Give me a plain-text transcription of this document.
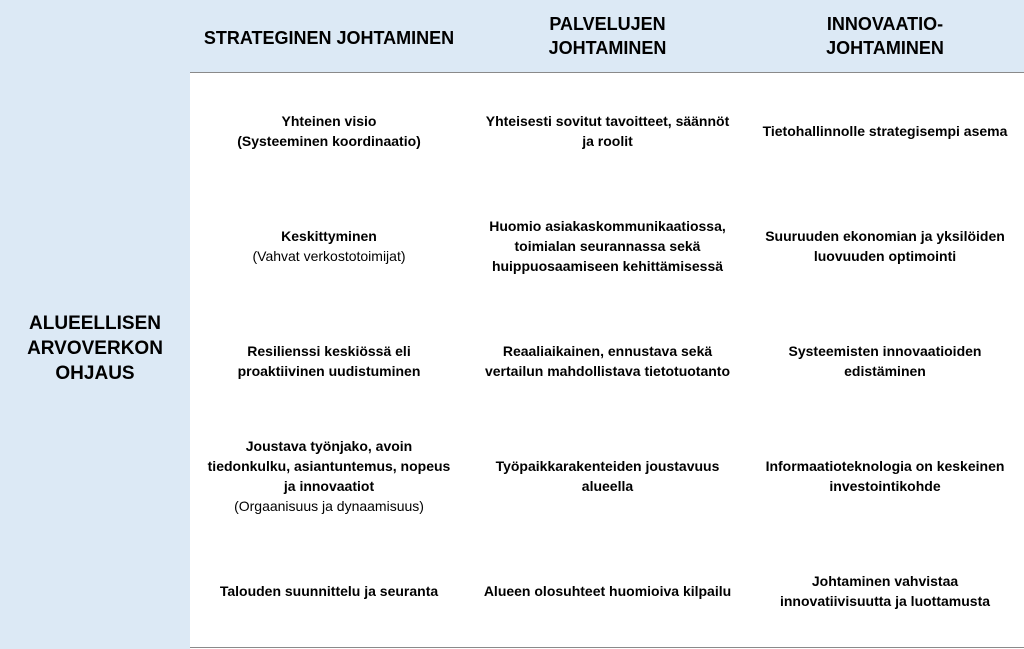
ALUEELLISEN
ARVOVERKON
OHJAUS
STRATEGINEN JOHTAMINEN
PALVELUJEN
JOHTAMINEN
INNOVAATIO-
JOHTAMINEN
Yhteinen visio
(Systeeminen koordinaatio)
Yhteisesti sovitut tavoitteet, säännöt
ja roolit
Tietohallinnolle strategisempi asema
Keskittyminen
(Vahvat verkostotoimijat)
Huomio asiakaskommunikaatiossa,
toimialan seurannassa sekä
huippuosaamiseen kehittämisessä
Suuruuden ekonomian ja yksilöiden
luovuuden optimointi
Resilienssi keskiössä eli
proaktiivinen uudistuminen
Reaaliaikainen, ennustava sekä
vertailun mahdollistava tietotuotanto
Systeemisten innovaatioiden
edistäminen
Joustava työnjako, avoin
tiedonkulku, asiantuntemus, nopeus
ja innovaatiot
(Orgaanisuus ja dynaamisuus)
Työpaikkarakenteiden joustavuus
alueella
Informaatioteknologia on keskeinen
investointikohde
Talouden suunnittelu ja seuranta	Alueen olosuhteet huomioiva kilpailu
Johtaminen vahvistaa
innovatiivisuutta ja luottamusta
